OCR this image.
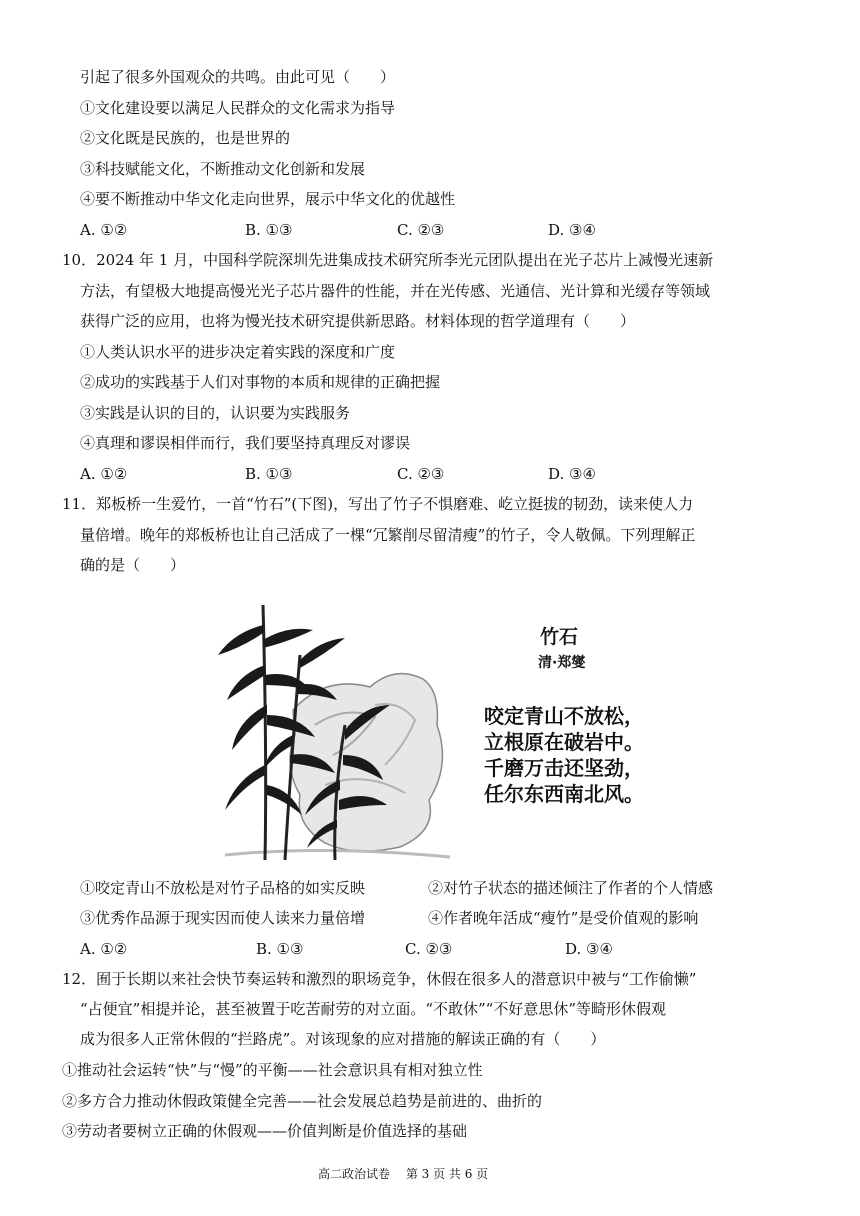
引起了很多外国观众的共鸣。由此可见（　　）
①文化建设要以满足人民群众的文化需求为指导
②文化既是民族的，也是世界的
③科技赋能文化，不断推动文化创新和发展
④要不断推动中华文化走向世界，展示中华文化的优越性
A. ①②	B. ①③	C. ②③	D. ③④
10．2024 年 1 月，中国科学院深圳先进集成技术研究所李光元团队提出在光子芯片上减慢光速新
方法，有望极大地提高慢光光子芯片器件的性能，并在光传感、光通信、光计算和光缓存等领域
获得广泛的应用，也将为慢光技术研究提供新思路。材料体现的哲学道理有（　　）
①人类认识水平的进步决定着实践的深度和广度
②成功的实践基于人们对事物的本质和规律的正确把握
③实践是认识的目的，认识要为实践服务
④真理和谬误相伴而行，我们要坚持真理反对谬误
A. ①②	B. ①③	C. ②③	D. ③④
11．郑板桥一生爱竹，一首“竹石”(下图)，写出了竹子不惧磨难、屹立挺拔的韧劲，读来使人力
量倍增。晚年的郑板桥也让自己活成了一棵“冗繁削尽留清瘦”的竹子，令人敬佩。下列理解正
确的是（　　）
竹石
清·郑燮
咬定青山不放松，
立根原在破岩中。
千磨万击还坚劲，
任尔东西南北风。
①咬定青山不放松是对竹子品格的如实反映	②对竹子状态的描述倾注了作者的个人情感
③优秀作品源于现实因而使人读来力量倍增	④作者晚年活成“瘦竹”是受价值观的影响
A. ①②	B. ①③	C. ②③	D. ③④
12．囿于长期以来社会快节奏运转和激烈的职场竞争，休假在很多人的潜意识中被与“工作偷懒”
“占便宜”相提并论，甚至被置于吃苦耐劳的对立面。“不敢休”“不好意思休”等畸形休假观
成为很多人正常休假的“拦路虎”。对该现象的应对措施的解读正确的有（　　）
①推动社会运转“快”与“慢”的平衡——社会意识具有相对独立性
②多方合力推动休假政策健全完善——社会发展总趋势是前进的、曲折的
③劳动者要树立正确的休假观——价值判断是价值选择的基础
高二政治试卷　 第 3 页 共 6 页
